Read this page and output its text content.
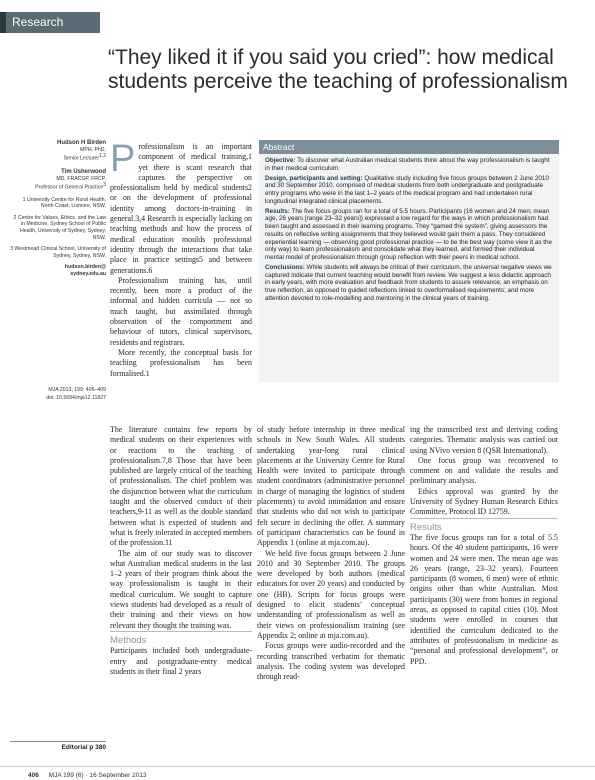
Research
“They liked it if you said you cried”: how medical students perceive the teaching of professionalism

Hudson H Birden

MPH, PhD,

Senior Lecturer$^{1,2}$

Tim Usherwood

MD, FRACGP, FRCP,

Professor of General Practice$^3$

1 University Centre for Rural Health, North Coast, Lismore, NSW.

2 Centre for Values, Ethics, and the Law in Medicine, Sydney School of Public Health, University of Sydney, Sydney, NSW.

3 Westmead Clinical School, University of Sydney, Sydney, NSW.

hudson.birden@

sydney.edu.au

MJA 2013; 199: 406–409

doi: 10.5694/mja12.11827

Editorial p 380

Professionalism is an important component of medical training,1 yet there is scant research that captures the perspective on professionalism held by medical students2 or on the development of professional identity among doctors-in-training in general.3,4 Research is especially lacking on teaching methods and how the process of medical education moulds professional identity through the interactions that take place in practice settings5 and between generations.6

Professionalism training has, until recently, been more a product of the informal and hidden curricula — not so much taught, but assimilated through observation of the comportment and behaviour of tutors, clinical supervisors, residents and registrars.

More recently, the conceptual basis for teaching professionalism has been formalised.1

Abstract

Objective: To discover what Australian medical students think about the way professionalism is taught in their medical curriculum.

Design, participants and setting: Qualitative study including five focus groups between 2 June 2010 and 30 September 2010, comprised of medical students from both undergraduate and postgraduate entry programs who were in the last 1–2 years of the medical program and had undertaken rural longitudinal integrated clinical placements.

Results: The five focus groups ran for a total of 5.5 hours. Participants (16 women and 24 men; mean age, 26 years [range 23–32 years]) expressed a low regard for the ways in which professionalism had been taught and assessed in their learning programs. They “gamed the system”, giving assessors the results on reflective writing assignments that they believed would gain them a pass. They considered experiential learning — observing good professional practice — to be the best way (some view it as the only way) to learn professionalism and consolidate what they learned, and formed their individual mental model of professionalism through group reflection with their peers in medical school.

Conclusions: While students will always be critical of their curriculum, the universal negative views we captured indicate that current teaching would benefit from review. We suggest a less didactic approach in early years, with more evaluation and feedback from students to assure relevance; an emphasis on true reflection, as opposed to guided reflections linked to overformalised requirements; and more attention devoted to role-modelling and mentoring in the clinical years of training.

The literature contains few reports by medical students on their experiences with or reactions to the teaching of professionalism.7,8 Those that have been published are largely critical of the teaching of professionalism. The chief problem was the disjunction between what the curriculum taught and the observed conduct of their teachers,9-11 as well as the double standard between what is expected of students and what is freely tolerated in accepted members of the profession.11

The aim of our study was to discover what Australian medical students in the last 1–2 years of their program think about the way professionalism is taught in their medical curriculum. We sought to capture views students had developed as a result of their training and their views on how relevant they thought the training was.

Methods

Participants included both undergraduate-entry and postgraduate-entry medical students in their final 2 years

of study before internship in three medical schools in New South Wales. All students undertaking year-long rural clinical placements at the University Centre for Rural Health were invited to participate through student coordinators (administrative personnel in charge of managing the logistics of student placements) to avoid intimidation and ensure that students who did not wish to participate felt secure in declining the offer. A summary of participant characteristics can be found in Appendix 1 (online at mja.com.au).

We held five focus groups between 2 June 2010 and 30 September 2010. The groups were developed by both authors (medical educators for over 20 years) and conducted by one (HB). Scripts for focus groups were designed to elicit students’ conceptual understanding of professionalism as well as their views on professionalism training (see Appendix 2; online at mja.com.au).

Focus groups were audio-recorded and the recording transcribed verbatim for thematic analysis. The coding system was developed through read-

ing the transcribed text and deriving coding categories. Thematic analysis was carried out using NVivo version 8 (QSR International).

One focus group was reconvened to comment on and validate the results and preliminary analysis.

Ethics approval was granted by the University of Sydney Human Research Ethics Committee, Protocol ID 12759.

Results

The five focus groups ran for a total of 5.5 hours. Of the 40 student participants, 16 were women and 24 were men. The mean age was 26 years (range, 23–32 years). Fourteen participants (8 women, 6 men) were of ethnic origins other than white Australian. Most participants (30) were from homes in regional areas, as opposed to capital cities (10). Most students were enrolled in courses that identified the curriculum dedicated to the attributes of professionalism in medicine as “personal and professional development”, or PPD.

406 MJA 199 (6) · 16 September 2013
